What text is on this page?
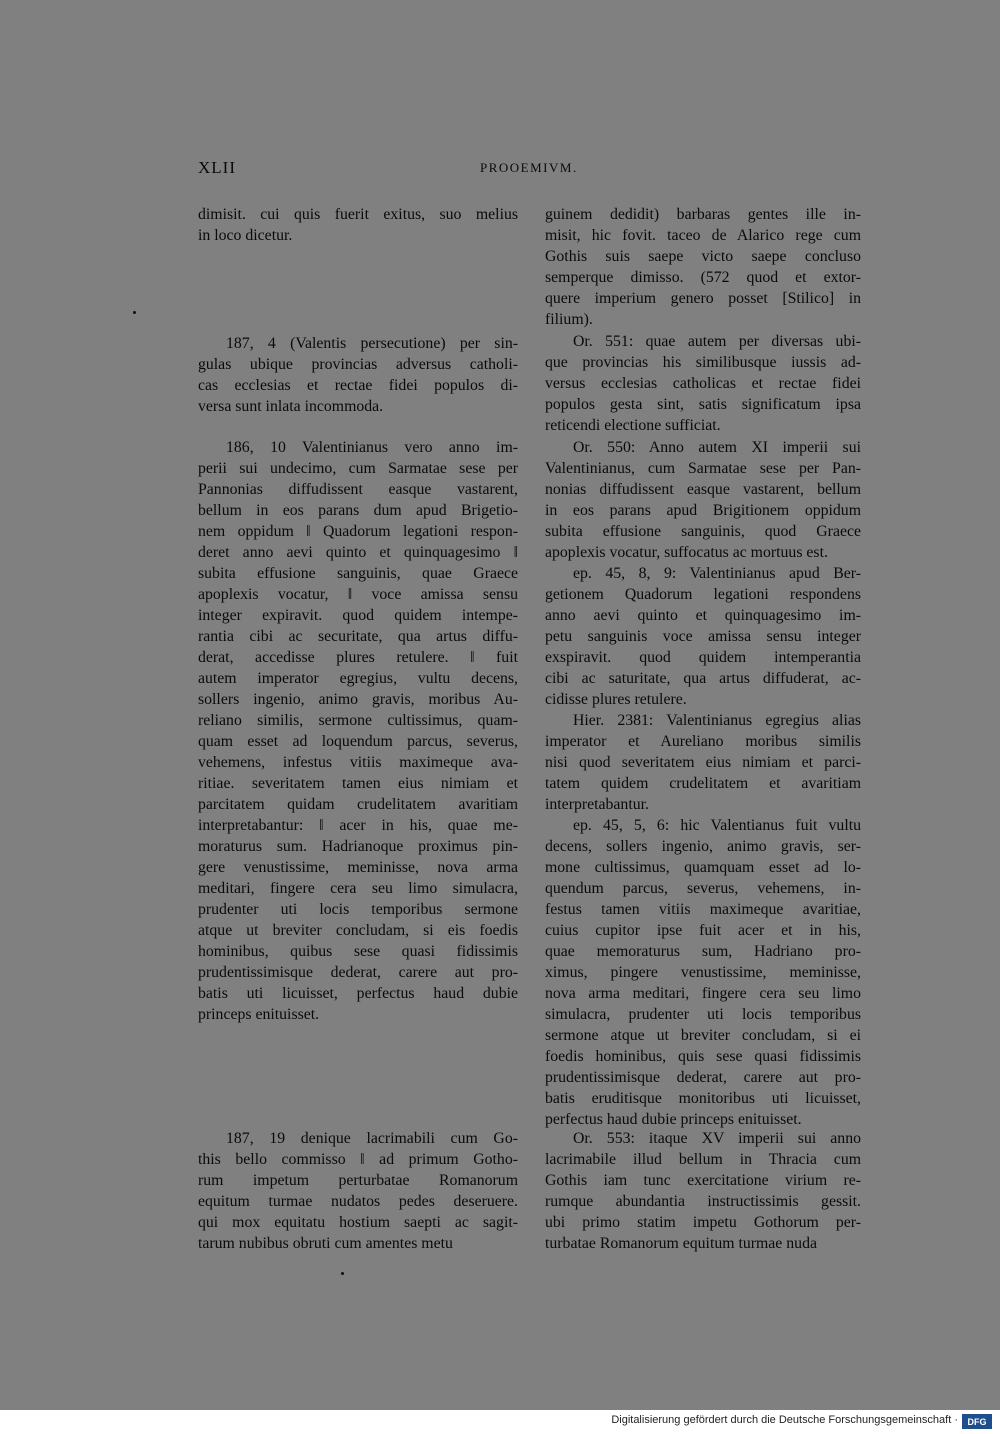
XLII	PROOEMIVM.
dimisit. cui quis fuerit exitus, suo melius
in loco dicetur.
187, 4 (Valentis persecutione) per sin-
gulas ubique provincias adversus catholi-
cas ecclesias et rectae fidei populos di-
versa sunt inlata incommoda.
186, 10 Valentinianus vero anno im-
perii sui undecimo, cum Sarmatae sese per
Pannonias diffudissent easque vastarent,
bellum in eos parans dum apud Brigetio-
nem oppidum ‖ Quadorum legationi respon-
deret anno aevi quinto et quinquagesimo ‖
subita effusione sanguinis, quae Graece
apoplexis vocatur, ‖ voce amissa sensu
integer expiravit. quod quidem intempe-
rantia cibi ac securitate, qua artus diffu-
derat, accedisse plures retulere. ‖ fuit
autem imperator egregius, vultu decens,
sollers ingenio, animo gravis, moribus Au-
reliano similis, sermone cultissimus, quam-
quam esset ad loquendum parcus, severus,
vehemens, infestus vitiis maximeque ava-
ritiae. severitatem tamen eius nimiam et
parcitatem quidam crudelitatem avaritiam
interpretabantur: ‖ acer in his, quae me-
moraturus sum. Hadrianoque proximus pin-
gere venustissime, meminisse, nova arma
meditari, fingere cera seu limo simulacra,
prudenter uti locis temporibus sermone
atque ut breviter concludam, si eis foedis
hominibus, quibus sese quasi fidissimis
prudentissimisque dederat, carere aut pro-
batis uti licuisset, perfectus haud dubie
princeps enituisset.
187, 19 denique lacrimabili cum Go-
this bello commisso ‖ ad primum Gotho-
rum impetum perturbatae Romanorum
equitum turmae nudatos pedes deseruere.
qui mox equitatu hostium saepti ac sagit-
tarum nubibus obruti cum amentes metu
guinem dedidit) barbaras gentes ille in-
misit, hic fovit. taceo de Alarico rege cum
Gothis suis saepe victo saepe concluso
semperque dimisso. (572 quod et extor-
quere imperium genero posset [Stilico] in
filium).
Or. 551: quae autem per diversas ubi-
que provincias his similibusque iussis ad-
versus ecclesias catholicas et rectae fidei
populos gesta sint, satis significatum ipsa
reticendi electione sufficiat.
Or. 550: Anno autem XI imperii sui
Valentinianus, cum Sarmatae sese per Pan-
nonias diffudissent easque vastarent, bellum
in eos parans apud Brigitionem oppidum
subita effusione sanguinis, quod Graece
apoplexis vocatur, suffocatus ac mortuus est.
ep. 45, 8, 9: Valentinianus apud Ber-
getionem Quadorum legationi respondens
anno aevi quinto et quinquagesimo im-
petu sanguinis voce amissa sensu integer
exspiravit. quod quidem intemperantia
cibi ac saturitate, qua artus diffuderat, ac-
cidisse plures retulere.
Hier. 2381: Valentinianus egregius alias
imperator et Aureliano moribus similis
nisi quod severitatem eius nimiam et parci-
tatem quidem crudelitatem et avaritiam
interpretabantur.
ep. 45, 5, 6: hic Valentianus fuit vultu
decens, sollers ingenio, animo gravis, ser-
mone cultissimus, quamquam esset ad lo-
quendum parcus, severus, vehemens, in-
festus tamen vitiis maximeque avaritiae,
cuius cupitor ipse fuit acer et in his,
quae memoraturus sum, Hadriano pro-
ximus, pingere venustissime, meminisse,
nova arma meditari, fingere cera seu limo
simulacra, prudenter uti locis temporibus
sermone atque ut breviter concludam, si ei
foedis hominibus, quis sese quasi fidissimis
prudentissimisque dederat, carere aut pro-
batis eruditisque monitoribus uti licuisset,
perfectus haud dubie princeps enituisset.
Or. 553: itaque XV imperii sui anno
lacrimabile illud bellum in Thracia cum
Gothis iam tunc exercitatione virium re-
rumque abundantia instructissimis gessit.
ubi primo statim impetu Gothorum per-
turbatae Romanorum equitum turmae nuda
Digitalisierung gefördert durch die Deutsche Forschungsgemeinschaft ·	DFG
